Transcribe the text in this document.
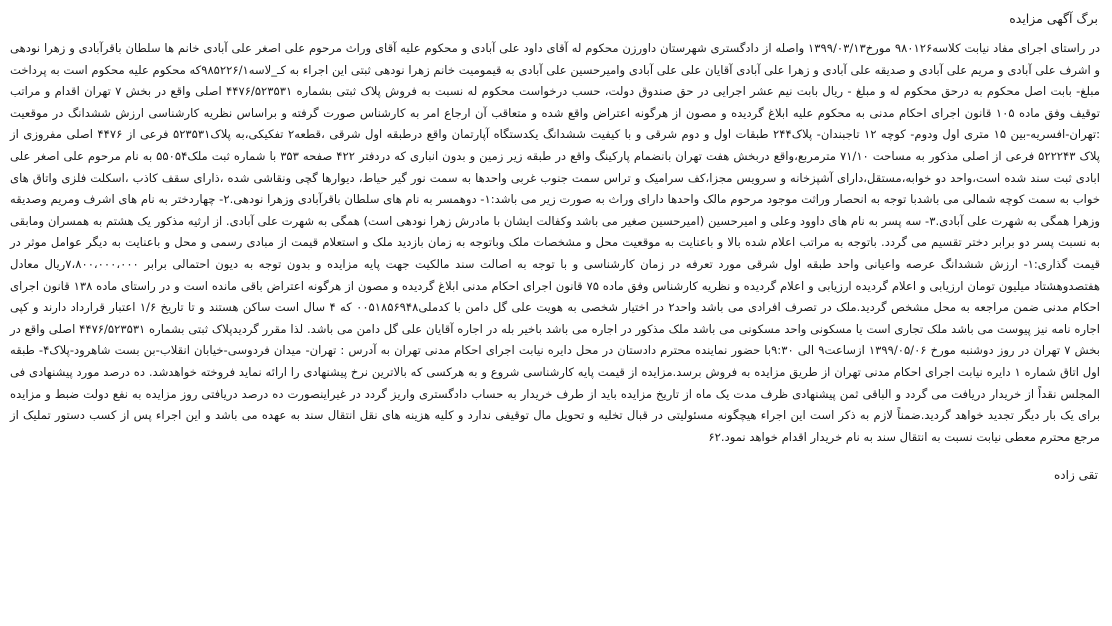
برگ آگهی مزایده

در راستای اجرای مفاد نیابت کلاسه۹۸۰۱۲۶ مورخ۱۳۹۹/۰۳/۱۳ واصله از دادگستری شهرستان داورزن محکوم له آقای داود علی آبادی و محکوم علیه آقای وراث مرحوم علی اصغر علی آبادی خانم ها سلطان باقرآبادی و زهرا نودهی و اشرف علی آبادی و مریم علی آبادی و صدیقه علی آبادی و زهرا علی آبادی آقایان علی علی آبادی وامیرحسین علی آبادی به قیمومیت خانم زهرا نودهی ثبتی این اجراء به کـ_لاسه۹۸۵۲۲۶/۱که محکوم علیه محکوم است به پرداخت مبلغ- بابت اصل محکوم به درحق محکوم له و مبلغ - ریال بابت نیم عشر اجرایی در حق صندوق دولت، حسب درخواست محکوم له نسبت به فروش پلاک ثبتی بشماره ۴۴۷۶/۵۲۳۵۳۱ اصلی واقع در بخش ۷ تهران اقدام و مراتب توقیف وفق ماده ۱۰۵ قانون اجرای احکام مدنی به محکوم علیه ابلاغ گردیده و مصون از هرگونه اعتراض واقع شده و متعاقب آن ارجاع امر به کارشناس صورت گرفته و براساس نظریه کارشناسی ارزش ششدانگ در موقعیت :تهران-افسریه-بین ۱۵ متری اول ودوم- کوچه ۱۲ تاجبندان- پلاک۲۴۴ طبقات اول و دوم شرقی و با کیفیت ششدانگ یکدستگاه آپارتمان واقع درطبقه اول شرقی ،قطعه۲ تفکیکی،به پلاک۵۲۳۵۳۱ فرعی از ۴۴۷۶ اصلی مفروزی از پلاک ۵۲۲۲۴۳ فرعی از اصلی مذکور به مساحت ۷۱/۱۰ مترمربع،واقع دربخش هفت تهران بانضمام پارکینگ واقع در طبقه زیر زمین و بدون انباری که دردفتر ۴۲۲ صفحه ۳۵۳ با شماره ثبت ملک۵۵۰۵۴ به نام مرحوم علی اصغر علی ابادی ثبت سند شده است،واحد دو خوابه،مستقل،دارای آشپزخانه و سرویس مجزا،کف سرامیک و تراس سمت جنوب غربی واحدها به سمت نور گیر حیاط، دیوارها گچی ونقاشی شده ،ذارای سقف کاذب ،اسکلت فلزی واتاق های خواب به سمت کوچه شمالی می باشدبا توجه به انحصار وراثت موجود مرحوم مالک واحدها دارای وراث به صورت زیر می باشد:۱- دوهمسر به نام های سلطان باقرآبادی وزهرا نودهی.۲- چهاردختر به نام های اشرف ومریم وصدیقه وزهرا همگی به شهرت علی آبادی.۳- سه پسر به نام های داوود وعلی و امیرحسین (امیرحسین صغیر می باشد وکفالت ایشان با مادرش زهرا نودهی است) همگی به شهرت علی آبادی. از ارثیه مذکور یک هشتم به همسران ومابقی به نسبت پسر دو برابر دختر تقسیم می گردد. باتوجه به مراتب اعلام شده بالا و باعنایت به موقعیت محل و مشخصات ملک وباتوجه به زمان بازدید ملک و استعلام قیمت از مبادی رسمی و محل و باعنایت به دیگر عوامل موثر در قیمت گذاری:۱- ارزش ششدانگ عرصه واعیانی واحد طبقه اول شرقی مورد تعرفه در زمان کارشناسی و با توجه به اصالت سند مالکیت جهت پایه مزایده و بدون توجه به دیون احتمالی برابر ۷،۸۰۰،۰۰۰،۰۰۰ریال معادل هفتصدوهشتاد میلیون تومان ارزیابی و اعلام گردیده ارزیابی و اعلام گردیده و نظریه کارشناس وفق ماده ۷۵ قانون اجرای احکام مدنی ابلاغ گردیده و مصون از هرگونه اعتراض باقی مانده است و در راستای ماده ۱۳۸ قانون اجرای احکام مدنی ضمن مراجعه به محل مشخص گردید.ملک در تصرف افرادی می باشد واحد۲ در اختیار شخصی به هویت علی گل دامن با کدملی۰۰۵۱۸۵۶۹۴۸ که ۴ سال است ساکن هستند و تا تاریخ ۱/۶ اعتبار قرارداد دارند و کپی اجاره نامه نیز پیوست می باشد ملک تجاری است یا مسکونی واحد مسکونی می باشد ملک مذکور در اجاره می باشد باخیر بله در اجاره آقایان علی گل دامن می باشد. لذا مقرر گردیدپلاک ثبتی بشماره ۴۴۷۶/۵۲۳۵۳۱ اصلی واقع در بخش ۷ تهران در روز دوشنبه مورخ ۱۳۹۹/۰۵/۰۶ ازساعت۹ الی ۹:۳۰با حضور نماینده محترم دادستان در محل دایره نیابت اجرای احکام مدنی تهران به آدرس : تهران- میدان فردوسی-خیابان انقلاب-بن بست شاهرود-پلاک۴- طبقه اول اتاق شماره ۱ دایره نیابت اجرای احکام مدنی تهران از طریق مزایده به فروش برسد.مزایده از قیمت پایه کارشناسی شروع و به هرکسی که بالاترین نرخ پیشنهادی را ارائه نماید فروخته خواهدشد. ده درصد مورد پیشنهادی فی المجلس نقداً از خریدار دریافت می گردد و الباقی ثمن پیشنهادی ظرف مدت یک ماه از تاریخ مزایده باید از طرف خریدار به حساب دادگستری واریز گردد در غیراینصورت ده درصد دریافتی روز مزایده به نفع دولت ضبط و مزایده برای یک بار دیگر تجدید خواهد گردید.ضمناً لازم به ذکر است این اجراء هیچگونه مسئولیتی در قبال تخلیه و تحویل مال توقیفی ندارد و کلیه هزینه های نقل انتقال سند به عهده می باشد و این اجراء پس از کسب دستور تملیک از مرجع محترم معطی نیابت نسبت به انتقال سند به نام خریدار اقدام خواهد نمود.۶۲

تقی زاده
